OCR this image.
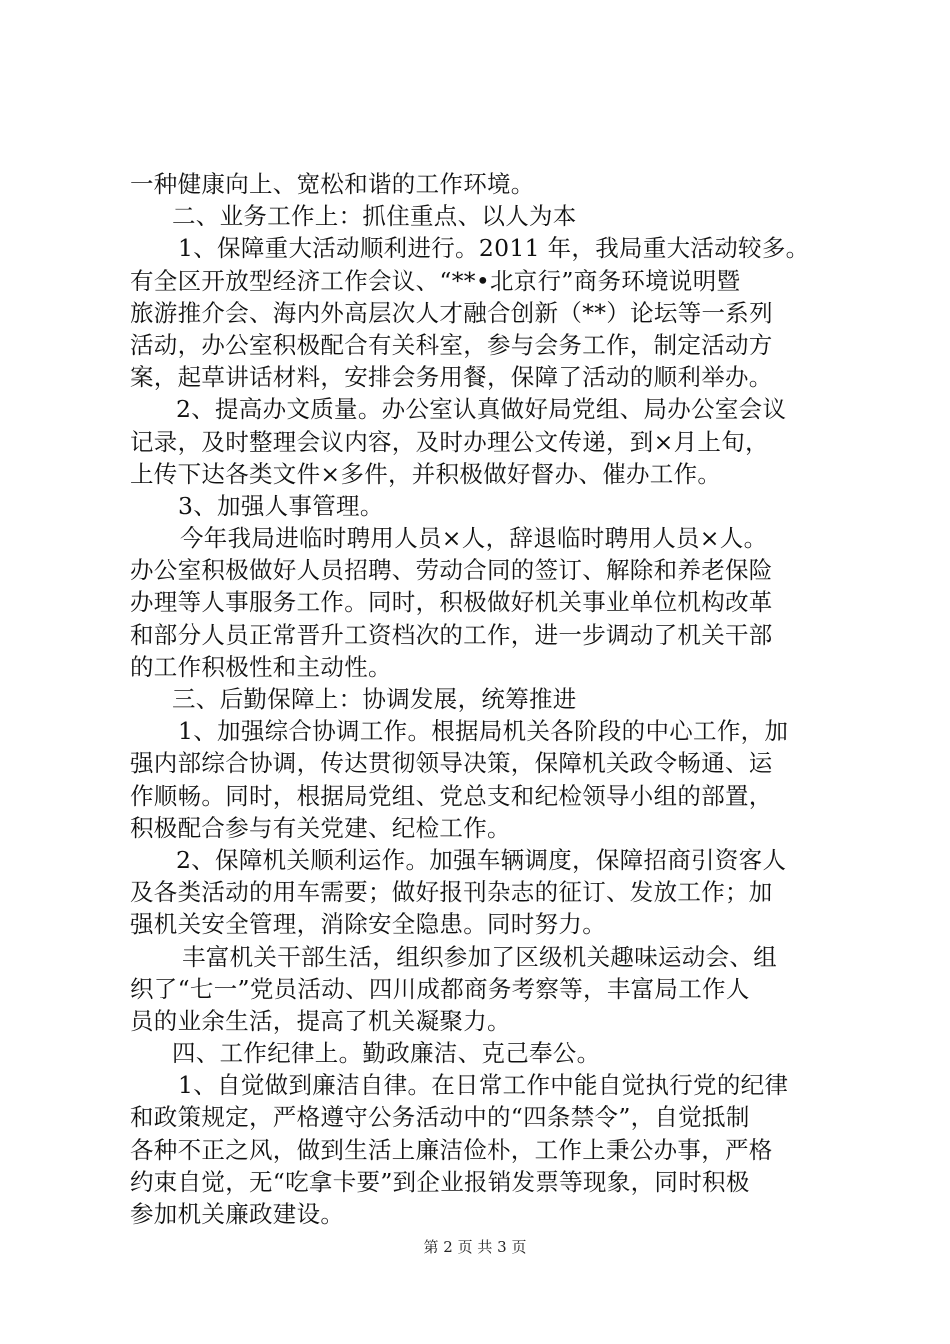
一种健康向上、宽松和谐的工作环境。
二、业务工作上：抓住重点、以人为本
1、保障重大活动顺利进行。2011 年，我局重大活动较多。
有全区开放型经济工作会议、“**•北京行”商务环境说明暨
旅游推介会、海内外高层次人才融合创新（**）论坛等一系列
活动，办公室积极配合有关科室，参与会务工作，制定活动方
案，起草讲话材料，安排会务用餐，保障了活动的顺利举办。
2、提高办文质量。办公室认真做好局党组、局办公室会议
记录，及时整理会议内容，及时办理公文传递，到×月上旬，
上传下达各类文件×多件，并积极做好督办、催办工作。
3、加强人事管理。
今年我局进临时聘用人员×人，辞退临时聘用人员×人。
办公室积极做好人员招聘、劳动合同的签订、解除和养老保险
办理等人事服务工作。同时，积极做好机关事业单位机构改革
和部分人员正常晋升工资档次的工作，进一步调动了机关干部
的工作积极性和主动性。
三、后勤保障上：协调发展，统筹推进
1、加强综合协调工作。根据局机关各阶段的中心工作，加
强内部综合协调，传达贯彻领导决策，保障机关政令畅通、运
作顺畅。同时，根据局党组、党总支和纪检领导小组的部置，
积极配合参与有关党建、纪检工作。
2、保障机关顺利运作。加强车辆调度，保障招商引资客人
及各类活动的用车需要；做好报刊杂志的征订、发放工作；加
强机关安全管理，消除安全隐患。同时努力。
丰富机关干部生活，组织参加了区级机关趣味运动会、组
织了“七一”党员活动、四川成都商务考察等，丰富局工作人
员的业余生活，提高了机关凝聚力。
四、工作纪律上。勤政廉洁、克己奉公。
1、自觉做到廉洁自律。在日常工作中能自觉执行党的纪律
和政策规定，严格遵守公务活动中的“四条禁令”，自觉抵制
各种不正之风，做到生活上廉洁俭朴，工作上秉公办事，严格
约束自觉，无“吃拿卡要”到企业报销发票等现象，同时积极
参加机关廉政建设。
第 2 页 共 3 页
